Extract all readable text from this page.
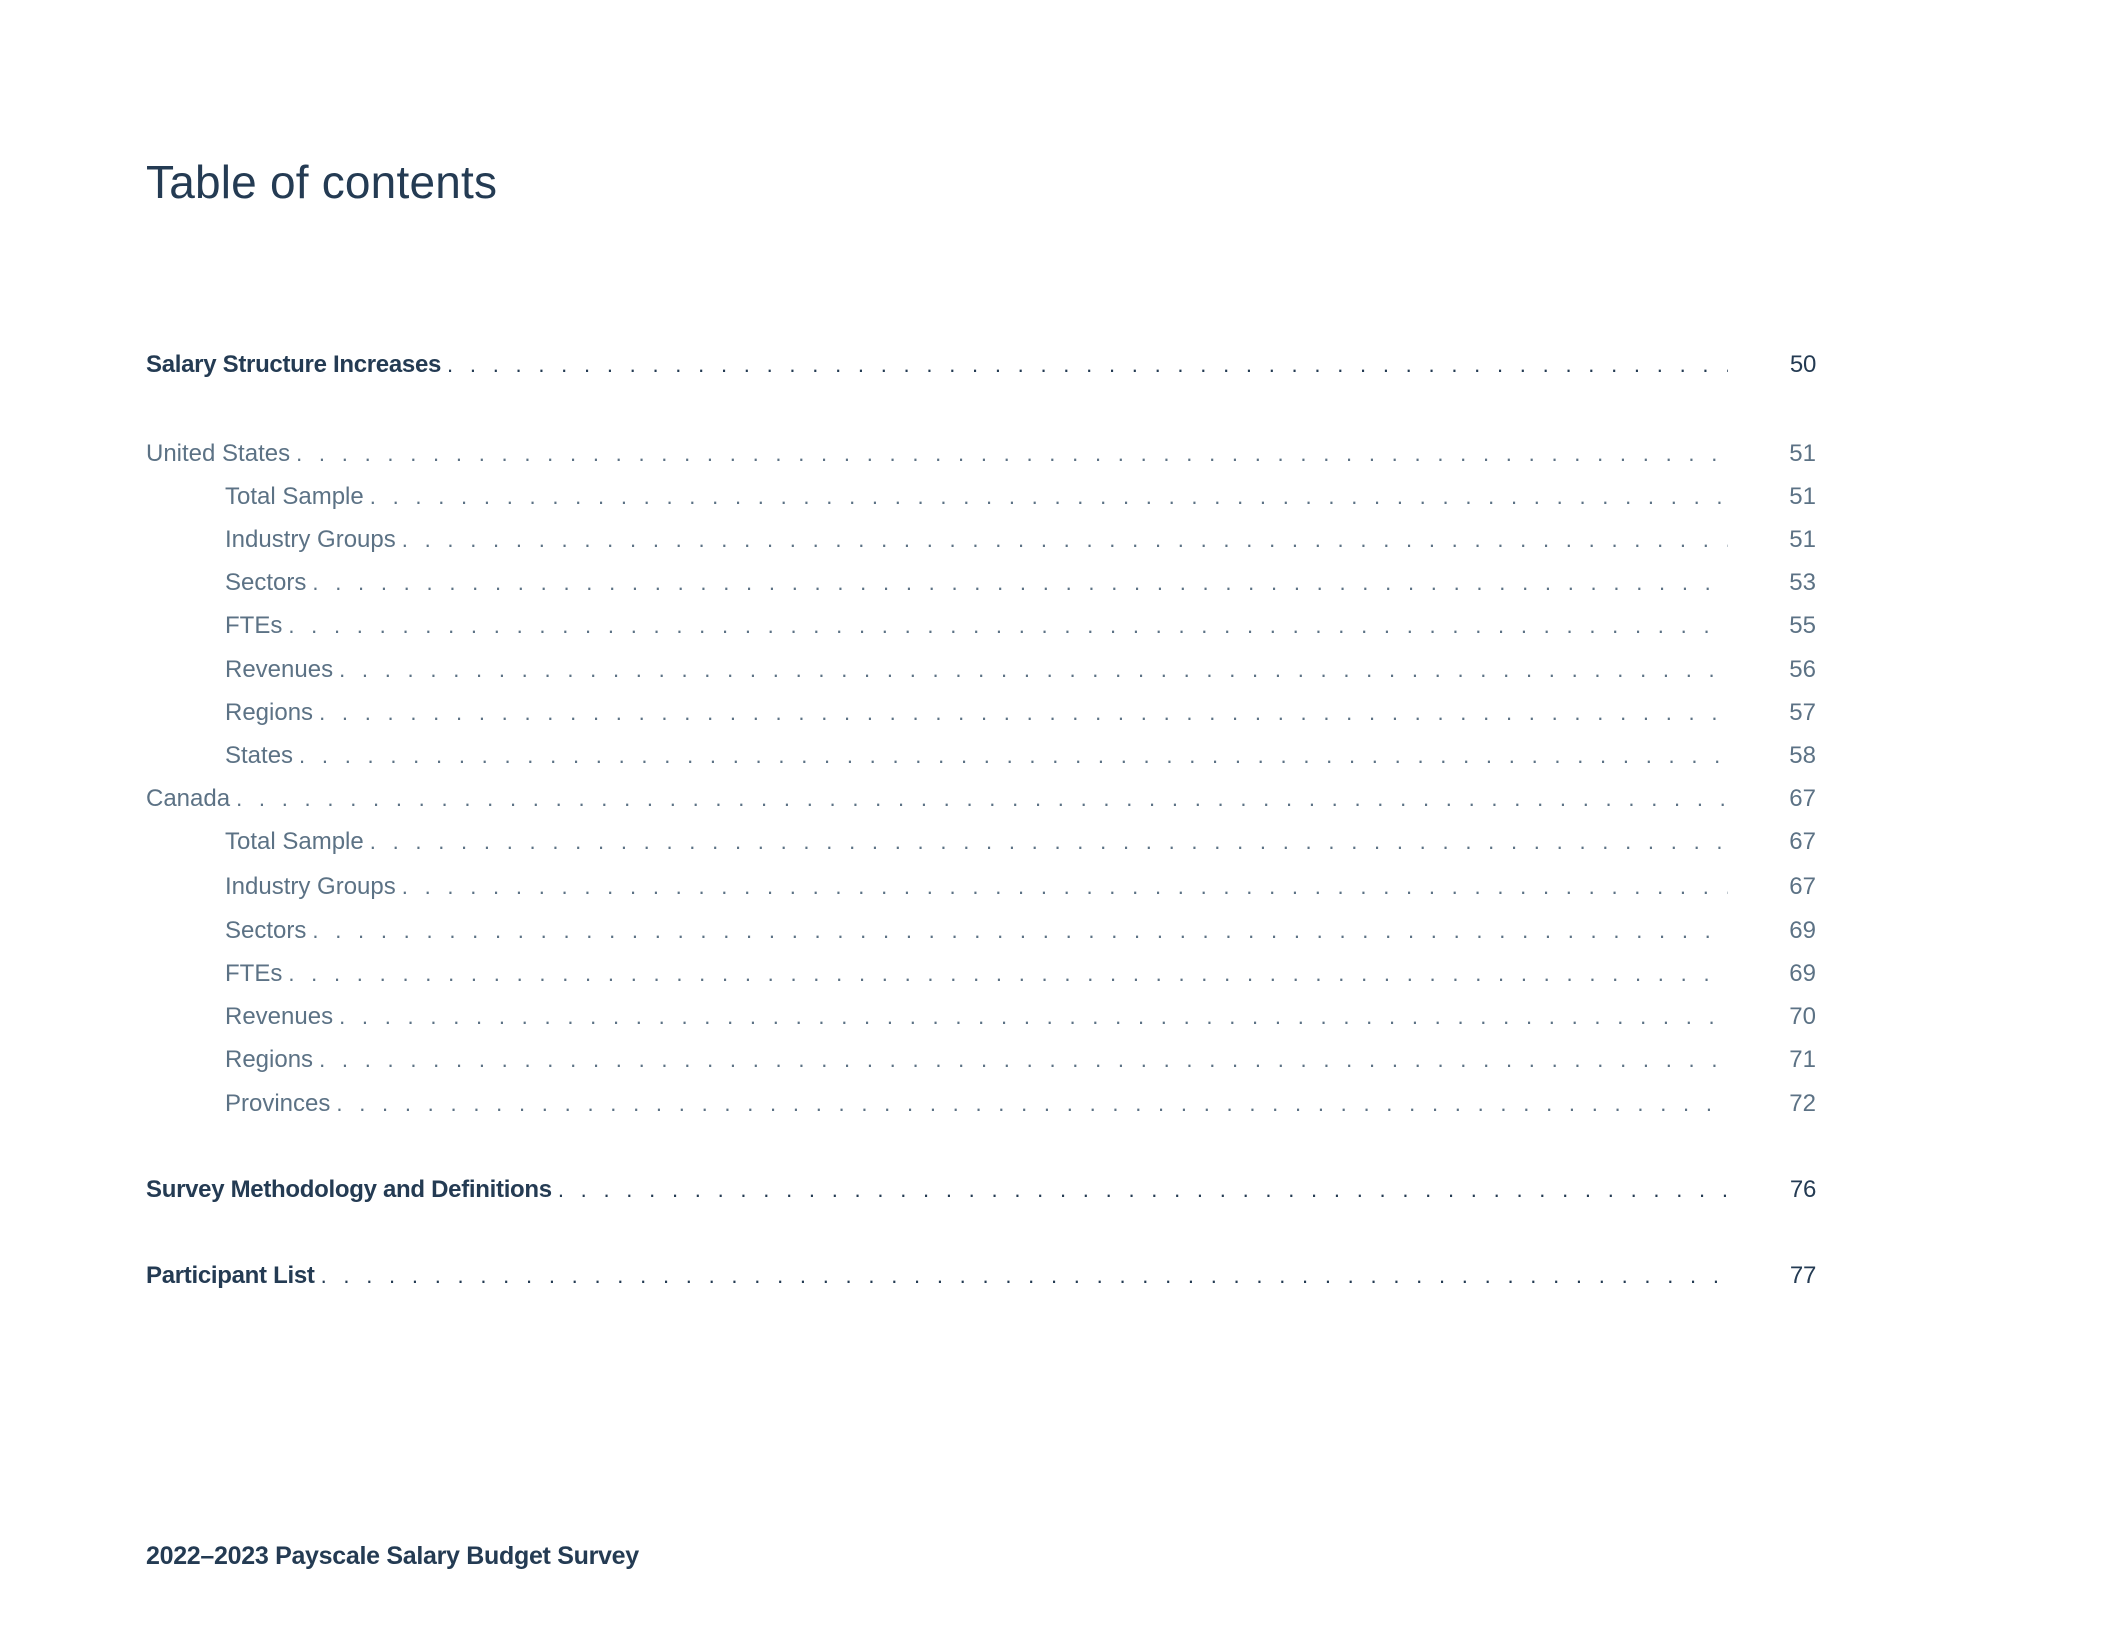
Table of contents
Salary Structure Increases . . .	50
United States . . .	51
Total Sample . . .	51
Industry Groups . . .	51
Sectors . . .	53
FTEs . . .	55
Revenues . . .	56
Regions . . .	57
States . . .	58
Canada . . .	67
Total Sample . . .	67
Industry Groups . . .	67
Sectors . . .	69
FTEs . . .	69
Revenues . . .	70
Regions . . .	71
Provinces . . .	72
Survey Methodology and Definitions . . .	76
Participant List . . .	77
2022–2023 Payscale Salary Budget Survey
